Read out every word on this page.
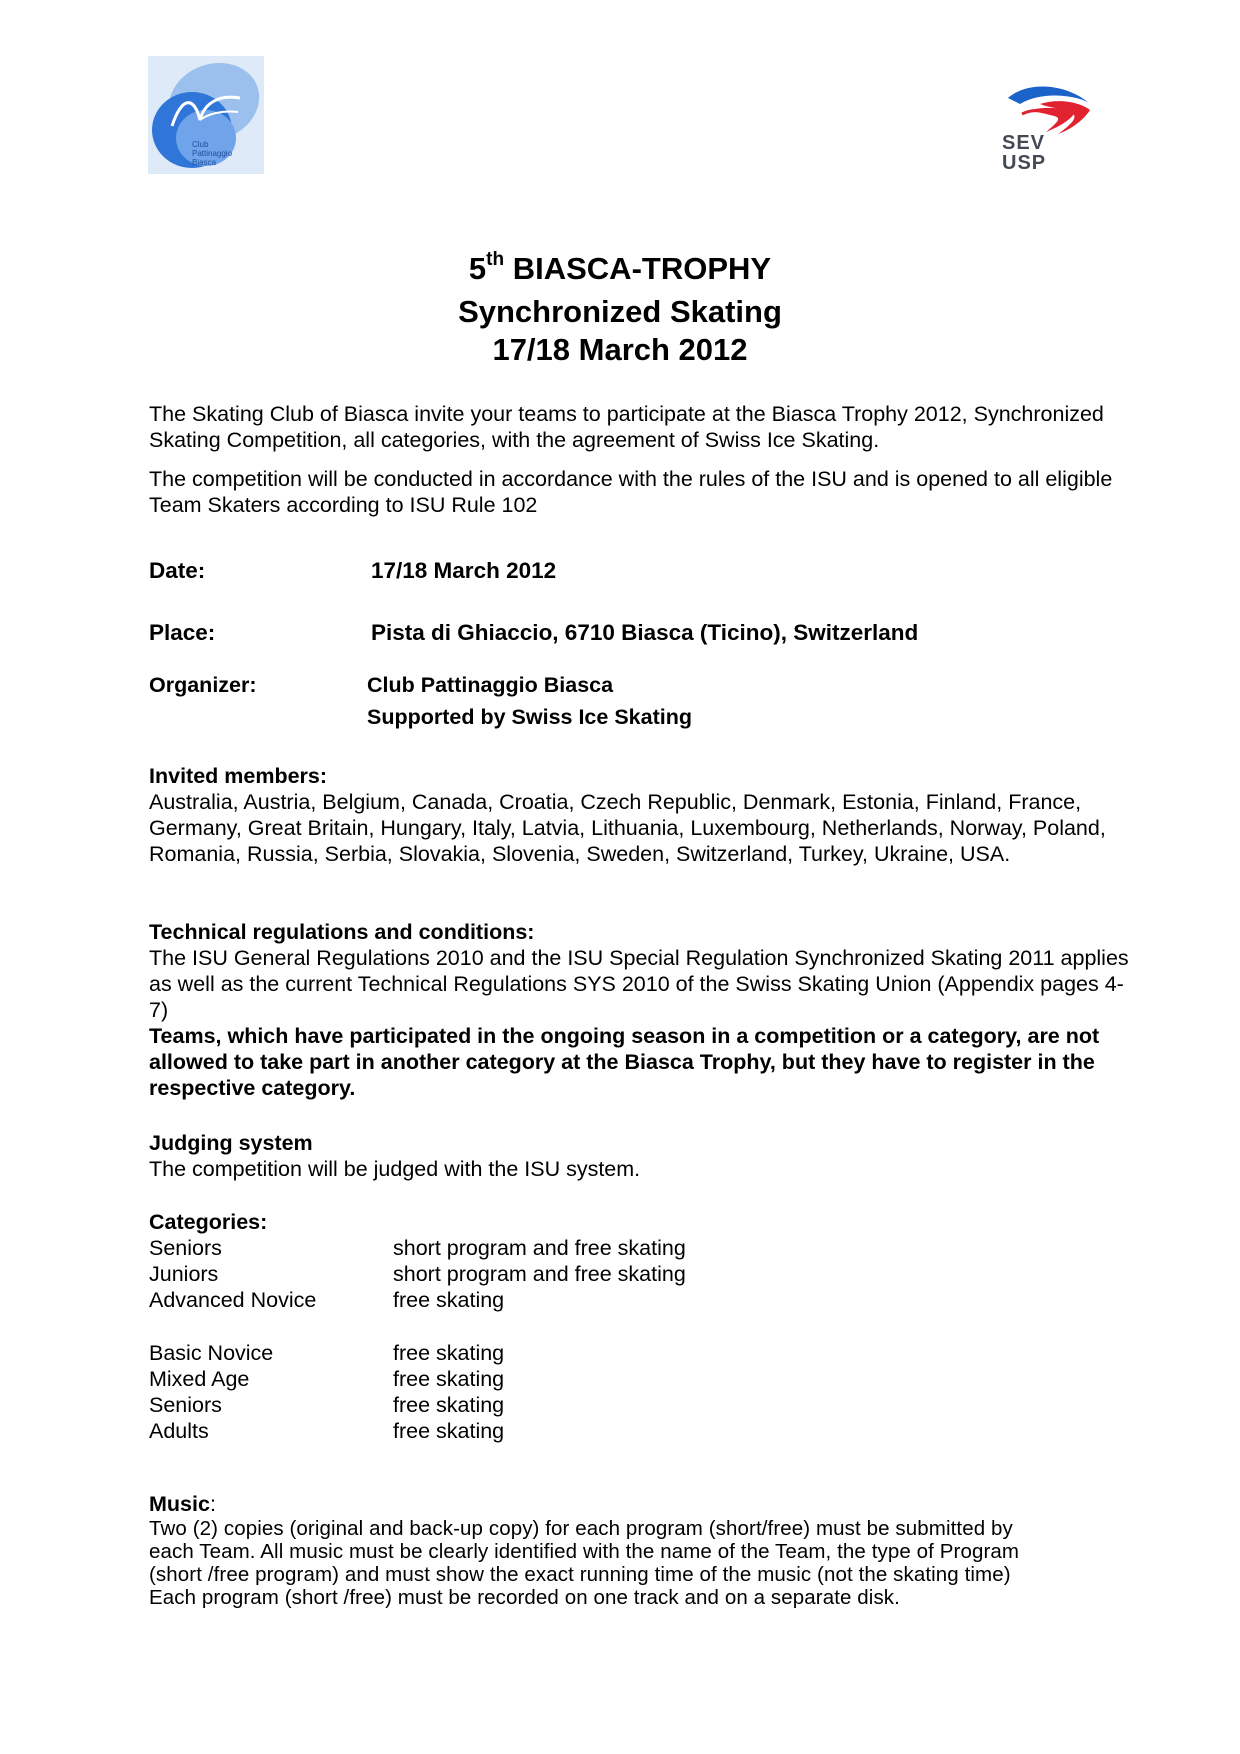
Club
Pattinaggio
Biasca
SEV
USP
5th BIASCA-TROPHY
Synchronized Skating
17/18 March 2012
The Skating Club of Biasca invite your teams to participate at the Biasca Trophy 2012, Synchronized Skating Competition, all categories, with the agreement of Swiss Ice Skating.
The competition will be conducted in accordance with the rules of the ISU and is opened to all eligible Team Skaters according to ISU Rule 102
Date:	17/18 March 2012
Place:	Pista di Ghiaccio, 6710 Biasca (Ticino), Switzerland
Organizer:	Club Pattinaggio Biasca
Supported by Swiss Ice Skating
Invited members:
Australia, Austria, Belgium, Canada, Croatia, Czech Republic, Denmark, Estonia, Finland, France, Germany, Great Britain, Hungary, Italy, Latvia, Lithuania, Luxembourg, Netherlands, Norway, Poland, Romania, Russia, Serbia, Slovakia, Slovenia, Sweden, Switzerland, Turkey, Ukraine, USA.
Technical regulations and conditions:
The ISU General Regulations 2010 and the ISU Special Regulation Synchronized Skating 2011 applies as well as the current Technical Regulations SYS 2010 of the Swiss Skating Union (Appendix pages 4-7)
Teams, which have participated in the ongoing season in a competition or a category, are not allowed to take part in another category at the Biasca Trophy, but they have to register in the respective category.
Judging system
The competition will be judged with the ISU system.
Categories:
Seniors	short program and free skating
Juniors	short program and free skating
Advanced Novice	free skating
Basic Novice	free skating
Mixed Age	free skating
Seniors	free skating
Adults	free skating
Music:
Two (2) copies (original and back-up copy) for each program (short/free) must be submitted by
each Team. All music must be clearly identified with the name of the Team, the type of Program
(short /free program) and must show the exact running time of the music (not the skating time)
Each program (short /free) must be recorded on one track and on a separate disk.
